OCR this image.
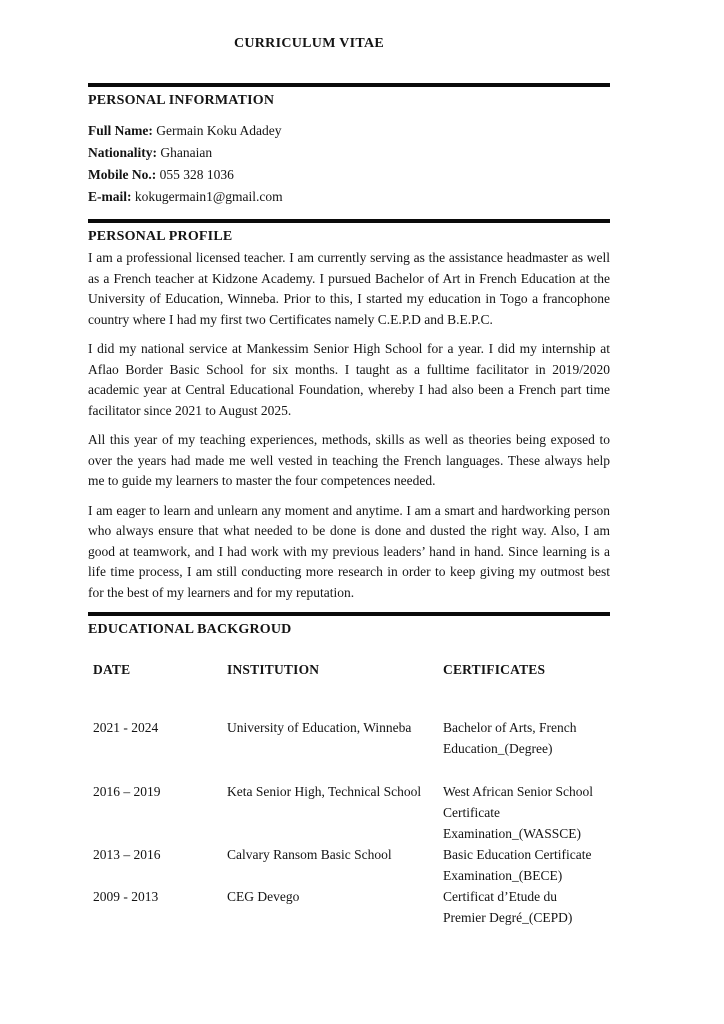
CURRICULUM VITAE
PERSONAL INFORMATION
Full Name: Germain Koku Adadey
Nationality: Ghanaian
Mobile No.: 055 328 1036
E-mail: kokugermain1@gmail.com
PERSONAL PROFILE

I am a professional licensed teacher. I am currently serving as the assistance headmaster as well as a French teacher at Kidzone Academy. I pursued Bachelor of Art in French Education at the University of Education, Winneba. Prior to this, I started my education in Togo a francophone country where I had my first two Certificates namely C.E.P.D and B.E.P.C.

I did my national service at Mankessim Senior High School for a year. I did my internship at Aflao Border Basic School for six months. I taught as a fulltime facilitator in 2019/2020 academic year at Central Educational Foundation, whereby I had also been a French part time facilitator since 2021 to August 2025.

All this year of my teaching experiences, methods, skills as well as theories being exposed to over the years had made me well vested in teaching the French languages. These always help me to guide my learners to master the four competences needed.

I am eager to learn and unlearn any moment and anytime. I am a smart and hardworking person who always ensure that what needed to be done is done and dusted the right way. Also, I am good at teamwork, and I had work with my previous leaders’ hand in hand. Since learning is a life time process, I am still conducting more research in order to keep giving my outmost best for the best of my learners and for my reputation.

EDUCATIONAL BACKGROUD
DATE	INSTITUTION	CERTIFICATES
2021 - 2024	University of Education, Winneba	Bachelor of Arts, French Education_(Degree)
2016 – 2019	Keta Senior High, Technical School	West African Senior School Certificate Examination_(WASSCE)
2013 – 2016	Calvary Ransom Basic School	Basic Education Certificate Examination_(BECE)
2009 - 2013	CEG Devego	Certificat d’Etude du Premier Degré_(CEPD)
